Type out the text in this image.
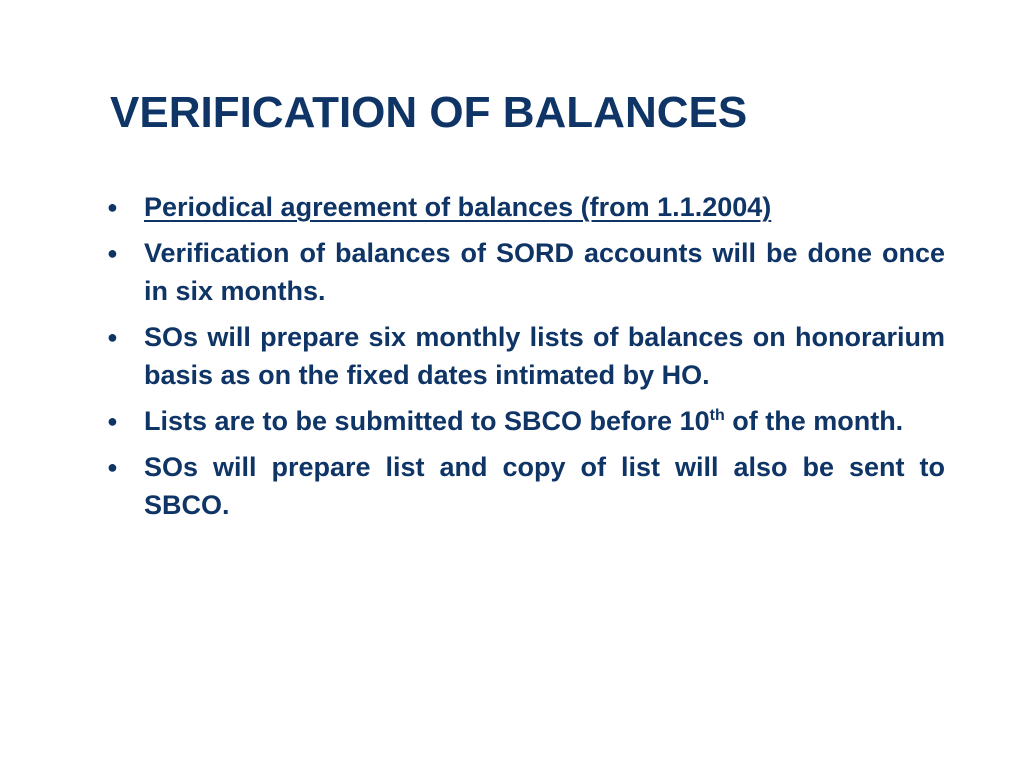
VERIFICATION OF BALANCES
● Periodical agreement of balances (from 1.1.2004)
● Verification of balances of SORD accounts will be done once in six months.
● SOs will prepare six monthly lists of balances on honorarium basis as on the fixed dates intimated by HO.
● Lists are to be submitted to SBCO before 10th of the month.
● SOs will prepare list and copy of list will also be sent to SBCO.
